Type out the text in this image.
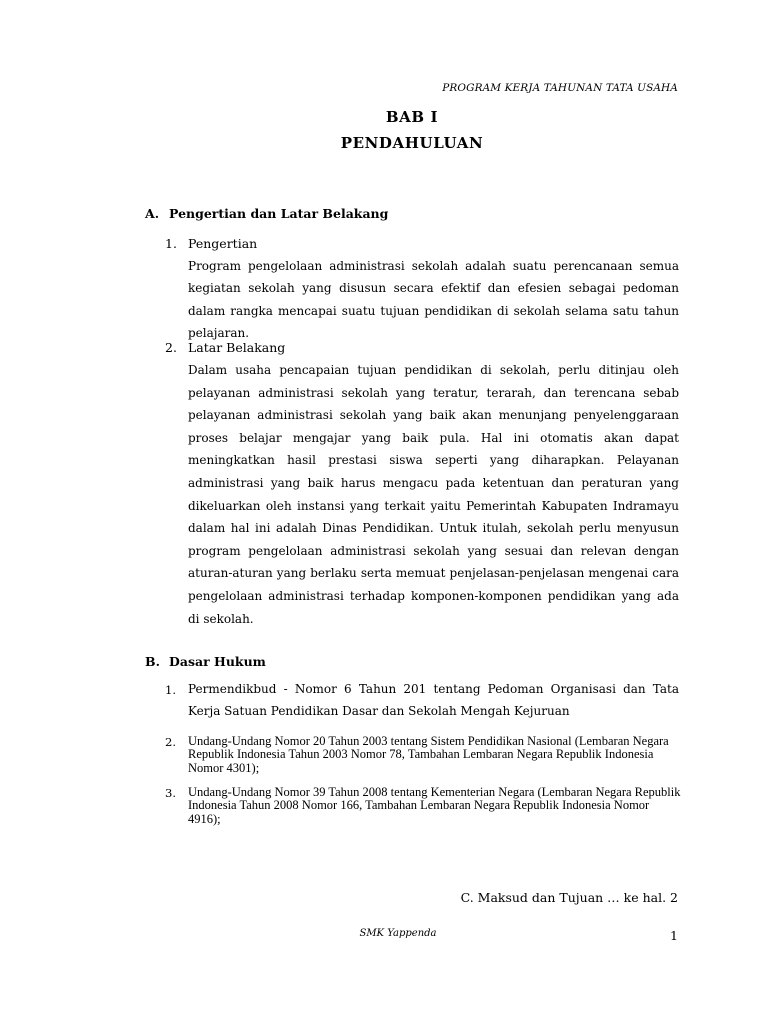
PROGRAM KERJA TAHUNAN TATA USAHA
BAB I
PENDAHULUAN
A. Pengertian dan Latar Belakang
1. Pengertian
Program pengelolaan administrasi sekolah adalah suatu perencanaan semua kegiatan sekolah yang disusun secara efektif dan efesien sebagai pedoman dalam rangka mencapai suatu tujuan pendidikan di sekolah selama satu tahun pelajaran.
2. Latar Belakang
Dalam usaha pencapaian tujuan pendidikan di sekolah, perlu ditinjau oleh pelayanan administrasi sekolah yang teratur, terarah, dan terencana sebab pelayanan administrasi sekolah yang baik akan menunjang penyelenggaraan proses belajar mengajar yang baik pula. Hal ini otomatis akan dapat meningkatkan hasil prestasi siswa seperti yang diharapkan. Pelayanan administrasi yang baik harus mengacu pada ketentuan dan peraturan yang dikeluarkan oleh instansi yang terkait yaitu Pemerintah Kabupaten Indramayu dalam hal ini adalah Dinas Pendidikan. Untuk itulah, sekolah perlu menyusun program pengelolaan administrasi sekolah yang sesuai dan relevan dengan aturan-aturan yang berlaku serta memuat penjelasan-penjelasan mengenai cara pengelolaan administrasi terhadap komponen-komponen pendidikan yang ada di sekolah.
B. Dasar Hukum
1. Permendikbud - Nomor 6 Tahun 201 tentang Pedoman Organisasi dan Tata Kerja Satuan Pendidikan Dasar dan Sekolah Mengah Kejuruan
2. Undang-Undang Nomor 20 Tahun 2003 tentang Sistem Pendidikan Nasional (Lembaran Negara Republik Indonesia Tahun 2003 Nomor 78, Tambahan Lembaran Negara Republik Indonesia Nomor 4301);
3. Undang-Undang Nomor 39 Tahun 2008 tentang Kementerian Negara (Lembaran Negara Republik Indonesia Tahun 2008 Nomor 166, Tambahan Lembaran Negara Republik Indonesia Nomor 4916);
C. Maksud dan Tujuan … ke hal. 2
SMK Yappenda	1
